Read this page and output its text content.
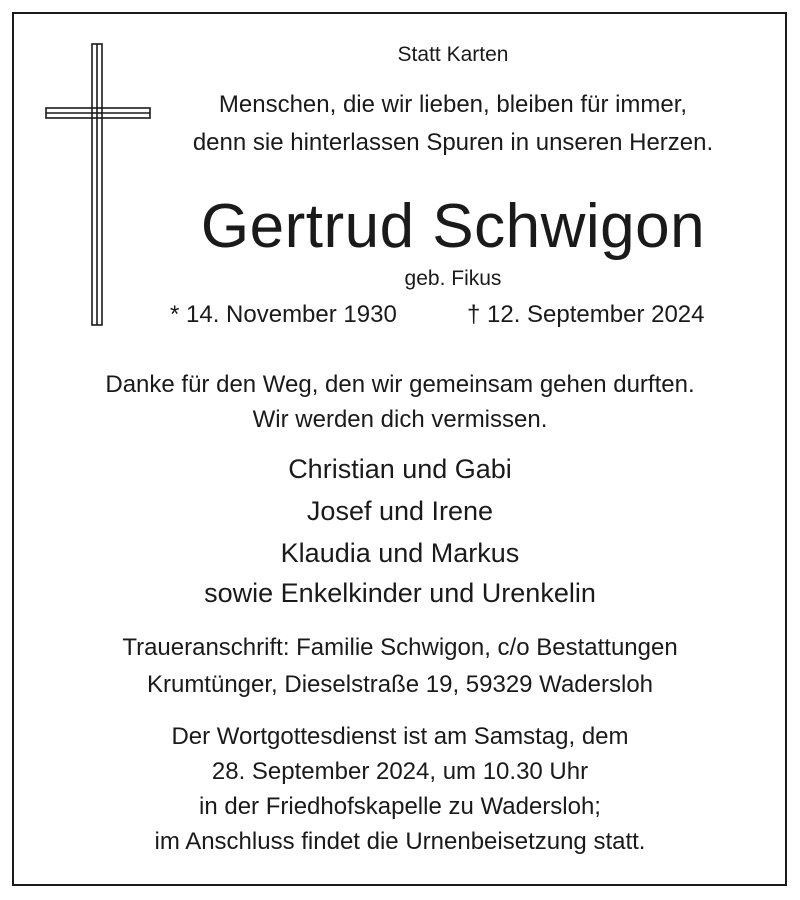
Statt Karten
Menschen, die wir lieben, bleiben für immer,
denn sie hinterlassen Spuren in unseren Herzen.
Gertrud Schwigon
geb. Fikus
* 14. November 1930	† 12. September 2024
Danke für den Weg, den wir gemeinsam gehen durften.
Wir werden dich vermissen.
Christian und Gabi
Josef und Irene
Klaudia und Markus
sowie Enkelkinder und Urenkelin
Traueranschrift: Familie Schwigon, c/o Bestattungen
Krumtünger, Dieselstraße 19, 59329 Wadersloh
Der Wortgottesdienst ist am Samstag, dem
28. September 2024, um 10.30 Uhr
in der Friedhofskapelle zu Wadersloh;
im Anschluss findet die Urnenbeisetzung statt.
